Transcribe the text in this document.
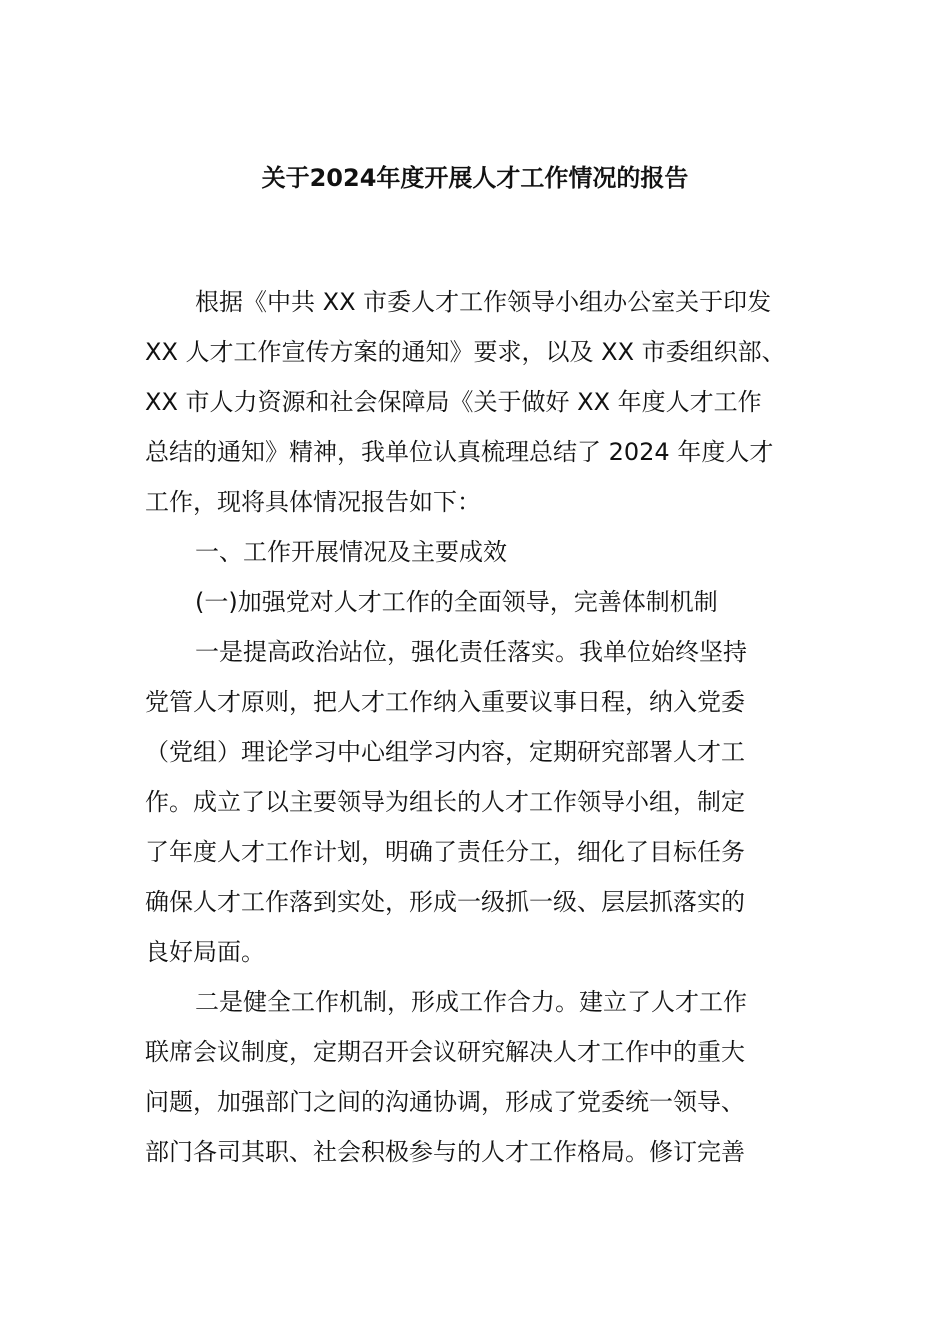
关于2024年度开展人才工作情况的报告
根据《中共 XX 市委人才工作领导小组办公室关于印发
XX 人才工作宣传方案的通知》要求，以及 XX 市委组织部、
XX 市人力资源和社会保障局《关于做好 XX 年度人才工作
总结的通知》精神，我单位认真梳理总结了 2024 年度人才
工作，现将具体情况报告如下：
一、工作开展情况及主要成效
(一)加强党对人才工作的全面领导，完善体制机制
一是提高政治站位，强化责任落实。我单位始终坚持
党管人才原则，把人才工作纳入重要议事日程，纳入党委
（党组）理论学习中心组学习内容，定期研究部署人才工
作。成立了以主要领导为组长的人才工作领导小组，制定
了年度人才工作计划，明确了责任分工，细化了目标任务
确保人才工作落到实处，形成一级抓一级、层层抓落实的
良好局面。
二是健全工作机制，形成工作合力。建立了人才工作
联席会议制度，定期召开会议研究解决人才工作中的重大
问题，加强部门之间的沟通协调，形成了党委统一领导、
部门各司其职、社会积极参与的人才工作格局。修订完善
